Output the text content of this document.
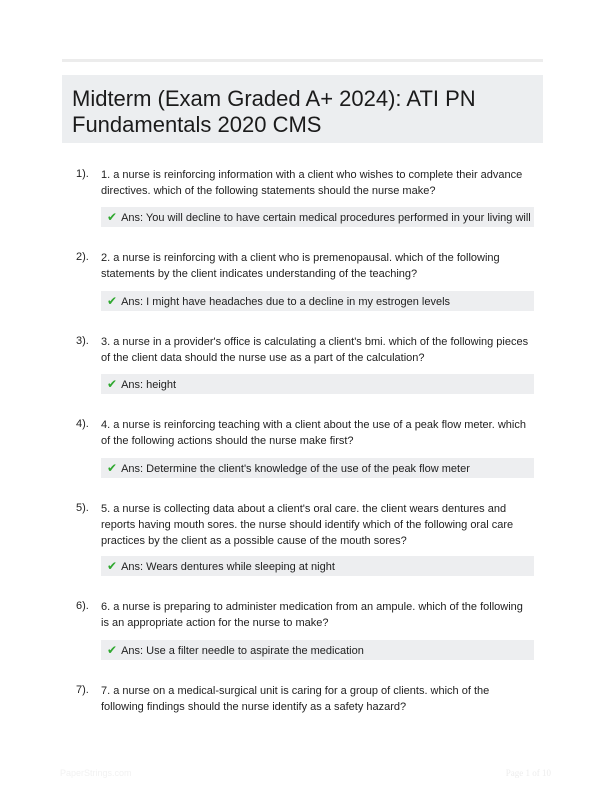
Midterm (Exam Graded A+ 2024): ATI PN Fundamentals 2020 CMS
1). 1. a nurse is reinforcing information with a client who wishes to complete their advance directives. which of the following statements should the nurse make?
✔ Ans: You will decline to have certain medical procedures performed in your living will
2). 2. a nurse is reinforcing with a client who is premenopausal. which of the following statements by the client indicates understanding of the teaching?
✔ Ans: I might have headaches due to a decline in my estrogen levels
3). 3. a nurse in a provider's office is calculating a client's bmi. which of the following pieces of the client data should the nurse use as a part of the calculation?
✔ Ans: height
4). 4. a nurse is reinforcing teaching with a client about the use of a peak flow meter. which of the following actions should the nurse make first?
✔ Ans: Determine the client's knowledge of the use of the peak flow meter
5). 5. a nurse is collecting data about a client's oral care. the client wears dentures and reports having mouth sores. the nurse should identify which of the following oral care practices by the client as a possible cause of the mouth sores?
✔ Ans: Wears dentures while sleeping at night
6). 6. a nurse is preparing to administer medication from an ampule. which of the following is an appropriate action for the nurse to make?
✔ Ans: Use a filter needle to aspirate the medication
7). 7. a nurse on a medical-surgical unit is caring for a group of clients. which of the following findings should the nurse identify as a safety hazard?
PaperStrings.com	Page 1 of 10
